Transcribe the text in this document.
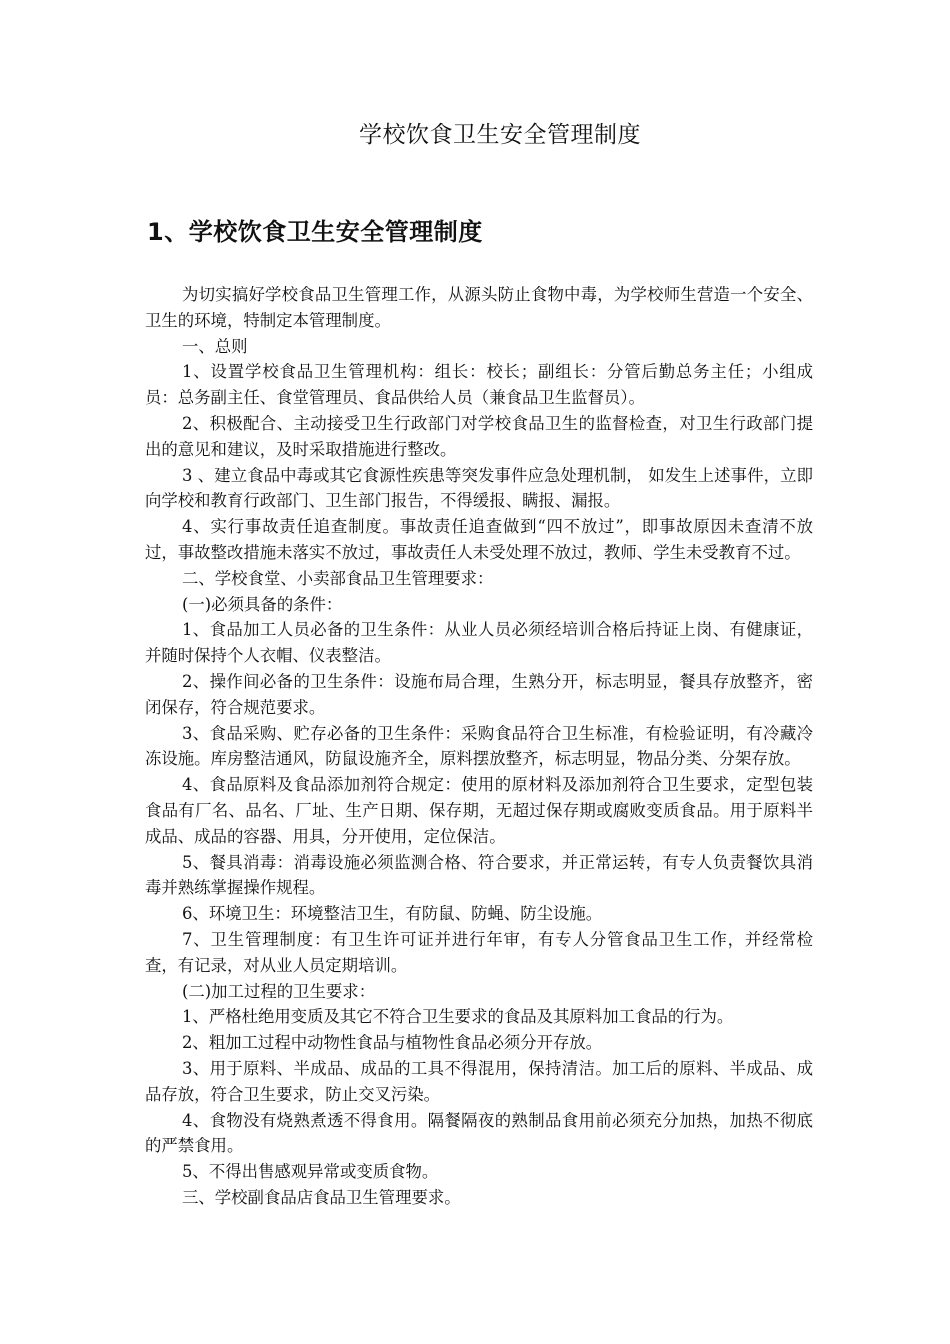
学校饮食卫生安全管理制度
1、学校饮食卫生安全管理制度

为切实搞好学校食品卫生管理工作，从源头防止食物中毒，为学校师生营造一个安全、卫生的环境，特制定本管理制度。

一、总则

1、设置学校食品卫生管理机构：组长：校长；副组长：分管后勤总务主任；小组成员：总务副主任、食堂管理员、食品供给人员（兼食品卫生监督员）。

2、积极配合、主动接受卫生行政部门对学校食品卫生的监督检查，对卫生行政部门提出的意见和建议，及时采取措施进行整改。

3 、建立食品中毒或其它食源性疾患等突发事件应急处理机制， 如发生上述事件，立即向学校和教育行政部门、卫生部门报告，不得缓报、瞒报、漏报。

4、实行事故责任追查制度。事故责任追查做到“四不放过”，即事故原因未查清不放过，事故整改措施未落实不放过，事故责任人未受处理不放过，教师、学生未受教育不过。

二、学校食堂、小卖部食品卫生管理要求：

(一)必须具备的条件：

1、食品加工人员必备的卫生条件：从业人员必须经培训合格后持证上岗、有健康证，并随时保持个人衣帽、仪表整洁。

2、操作间必备的卫生条件：设施布局合理，生熟分开，标志明显，餐具存放整齐，密闭保存，符合规范要求。

3、食品采购、贮存必备的卫生条件：采购食品符合卫生标准，有检验证明，有冷藏冷冻设施。库房整洁通风，防鼠设施齐全，原料摆放整齐，标志明显，物品分类、分架存放。

4、食品原料及食品添加剂符合规定：使用的原材料及添加剂符合卫生要求，定型包装食品有厂名、品名、厂址、生产日期、保存期，无超过保存期或腐败变质食品。用于原料半成品、成品的容器、用具，分开使用，定位保洁。

5、餐具消毒：消毒设施必须监测合格、符合要求，并正常运转，有专人负责餐饮具消毒并熟练掌握操作规程。

6、环境卫生：环境整洁卫生，有防鼠、防蝇、防尘设施。

7、卫生管理制度：有卫生许可证并进行年审，有专人分管食品卫生工作，并经常检查，有记录，对从业人员定期培训。

(二)加工过程的卫生要求：

1、严格杜绝用变质及其它不符合卫生要求的食品及其原料加工食品的行为。

2、粗加工过程中动物性食品与植物性食品必须分开存放。

3、用于原料、半成品、成品的工具不得混用，保持清洁。加工后的原料、半成品、成品存放，符合卫生要求，防止交叉污染。

4、食物没有烧熟煮透不得食用。隔餐隔夜的熟制品食用前必须充分加热，加热不彻底的严禁食用。

5、不得出售感观异常或变质食物。

三、学校副食品店食品卫生管理要求。
